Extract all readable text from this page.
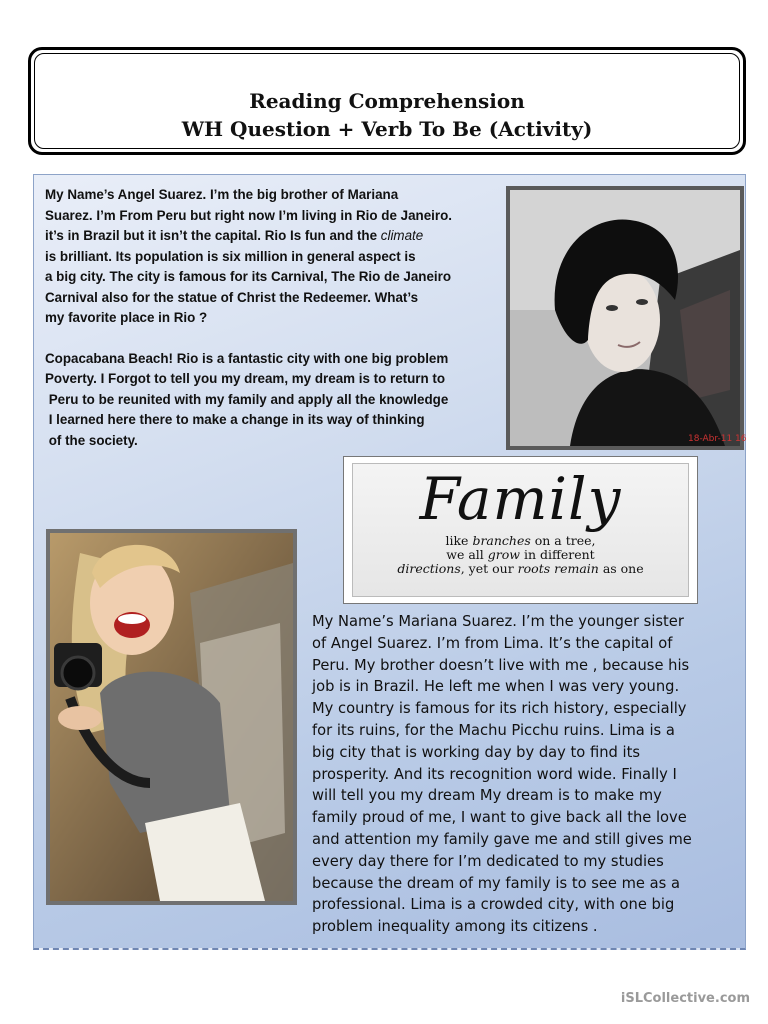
Reading Comprehension
WH Question + Verb To Be (Activity)
My Name’s Angel Suarez. I’m the big brother of Mariana
Suarez. I’m From Peru but right now I’m living in Rio de Janeiro.
it’s in Brazil but it isn’t the capital. Rio Is fun and the climate
is brilliant. Its population is six million in general aspect is
a big city. The city is famous for its Carnival, The Rio de Janeiro
Carnival also for the statue of Christ the Redeemer. What’s
my favorite place in Rio ?
Copacabana Beach! Rio is a fantastic city with one big problem
Poverty. I Forgot to tell you my dream, my dream is to return to
Peru to be reunited with my family and apply all the knowledge
I learned here there to make a change in its way of thinking
of the society.	18-Abr-11 16
Family
like branches on a tree,
we all grow in different
directions, yet our roots remain as one
My Name’s Mariana Suarez. I’m the younger sister
of Angel Suarez. I’m from Lima. It’s the capital of
Peru. My brother doesn’t live with me , because his
job is in Brazil. He left me when I was very young.
My country is famous for its rich history, especially
for its ruins, for the Machu Picchu ruins. Lima is a
big city that is working day by day to find its
prosperity. And its recognition word wide. Finally I
will tell you my dream My dream is to make my
family proud of me, I want to give back all the love
and attention my family gave me and still gives me
every day there for I’m dedicated to my studies
because the dream of my family is to see me as a
professional. Lima is a crowded city, with one big
problem inequality among its citizens .
iSLCollective.com
